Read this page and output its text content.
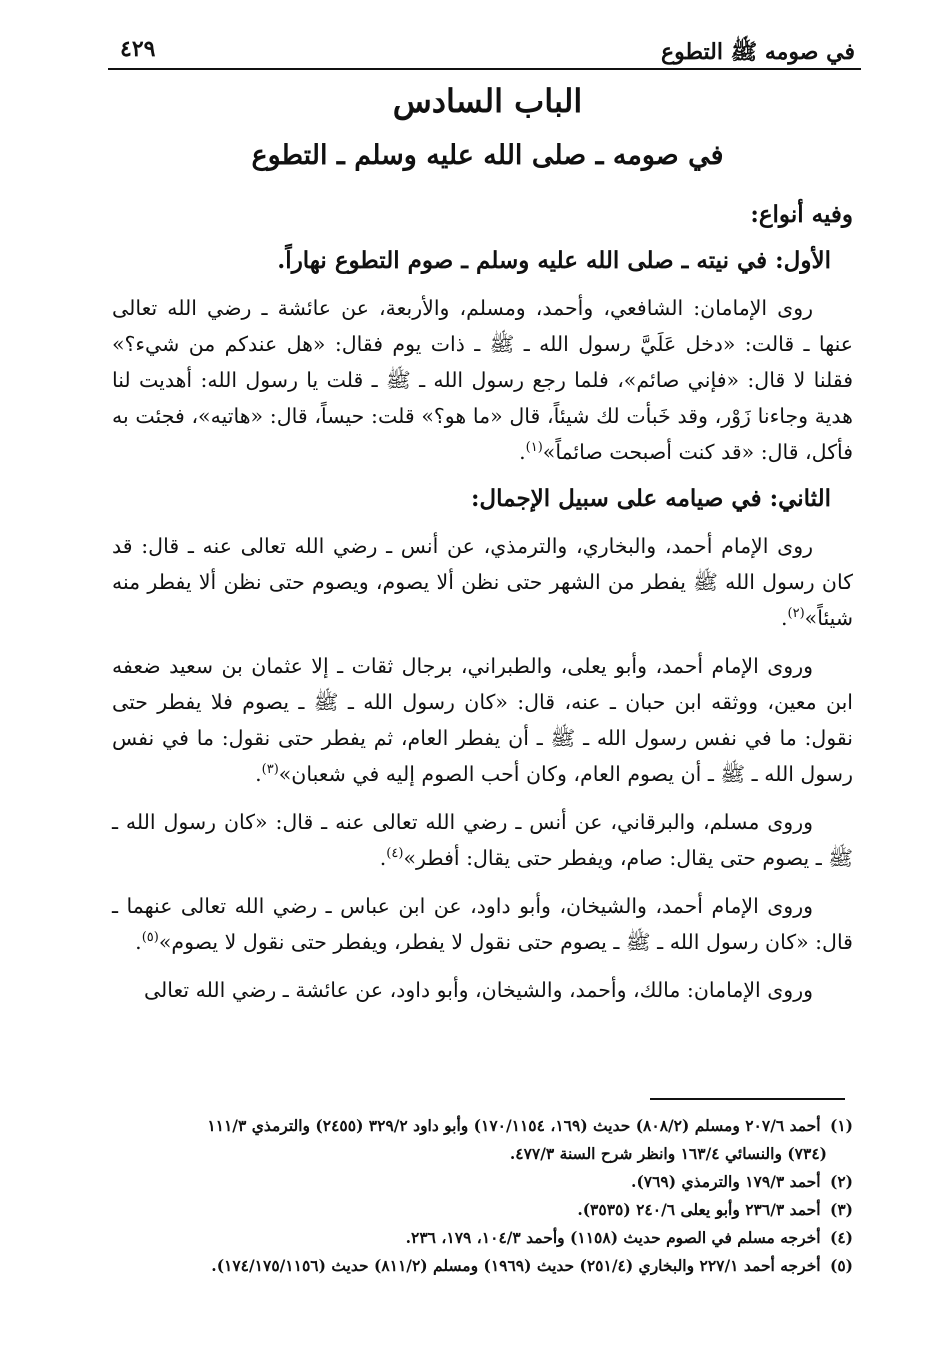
في صومه ﷺ التطوع
٤٢٩
الباب السادس
في صومه ـ صلى الله عليه وسلم ـ التطوع

وفيه أنواع:

الأول: في نيته ـ صلى الله عليه وسلم ـ صوم التطوع نهاراً.

روى الإمامان: الشافعي، وأحمد، ومسلم، والأربعة، عن عائشة ـ رضي الله تعالى عنها ـ قالت: «دخل عَلَيَّ رسول الله ـ ﷺ ـ ذات يوم فقال: «هل عندكم من شيء؟» فقلنا لا قال: «فإني صائم»، فلما رجع رسول الله ـ ﷺ ـ قلت يا رسول الله: أهديت لنا هدية وجاءنا زَوْر، وقد خَبأت لك شيئاً، قال «ما هو؟» قلت: حيساً، قال: «هاتيه»، فجئت به فأكل، قال: «قد كنت أصبحت صائماً»$^{(١)}$.

الثاني: في صيامه على سبيل الإجمال:

روى الإمام أحمد، والبخاري، والترمذي، عن أنس ـ رضي الله تعالى عنه ـ قال: قد كان رسول الله ﷺ يفطر من الشهر حتى نظن ألا يصوم، ويصوم حتى نظن ألا يفطر منه شيئاً»$^{(٢)}$.

وروى الإمام أحمد، وأبو يعلى، والطبراني، برجال ثقات ـ إلا عثمان بن سعيد ضعفه ابن معين، ووثقه ابن حبان ـ عنه، قال: «كان رسول الله ـ ﷺ ـ يصوم فلا يفطر حتى نقول: ما في نفس رسول الله ـ ﷺ ـ أن يفطر العام، ثم يفطر حتى نقول: ما في نفس رسول الله ـ ﷺ ـ أن يصوم العام، وكان أحب الصوم إليه في شعبان»$^{(٣)}$.

وروى مسلم، والبرقاني، عن أنس ـ رضي الله تعالى عنه ـ قال: «كان رسول الله ـ ﷺ ـ يصوم حتى يقال: صام، ويفطر حتى يقال: أفطر»$^{(٤)}$.

وروى الإمام أحمد، والشيخان، وأبو داود، عن ابن عباس ـ رضي الله تعالى عنهما ـ قال: «كان رسول الله ـ ﷺ ـ يصوم حتى نقول لا يفطر، ويفطر حتى نقول لا يصوم»$^{(٥)}$.

وروى الإمامان: مالك، وأحمد، والشيخان، وأبو داود، عن عائشة ـ رضي الله تعالى

(١) أحمد ٢٠٧/٦ ومسلم (٨٠٨/٢) حديث (١٦٩، ١٧٠/١١٥٤) وأبو داود ٣٢٩/٢ (٢٤٥٥) والترمذي ١١١/٣

(٧٣٤) والنسائي ١٦٣/٤ وانظر شرح السنة ٤٧٧/٣.

(٢) أحمد ١٧٩/٣ والترمذي (٧٦٩).

(٣) أحمد ٢٣٦/٣ وأبو يعلى ٢٤٠/٦ (٣٥٣٥).

(٤) أخرجه مسلم في الصوم حديث (١١٥٨) وأحمد ١٠٤/٣، ١٧٩، ٢٣٦.

(٥) أخرجه أحمد ٢٢٧/١ والبخاري (٢٥١/٤) حديث (١٩٦٩) ومسلم (٨١١/٢) حديث (١٧٤/١٧٥/١١٥٦).
